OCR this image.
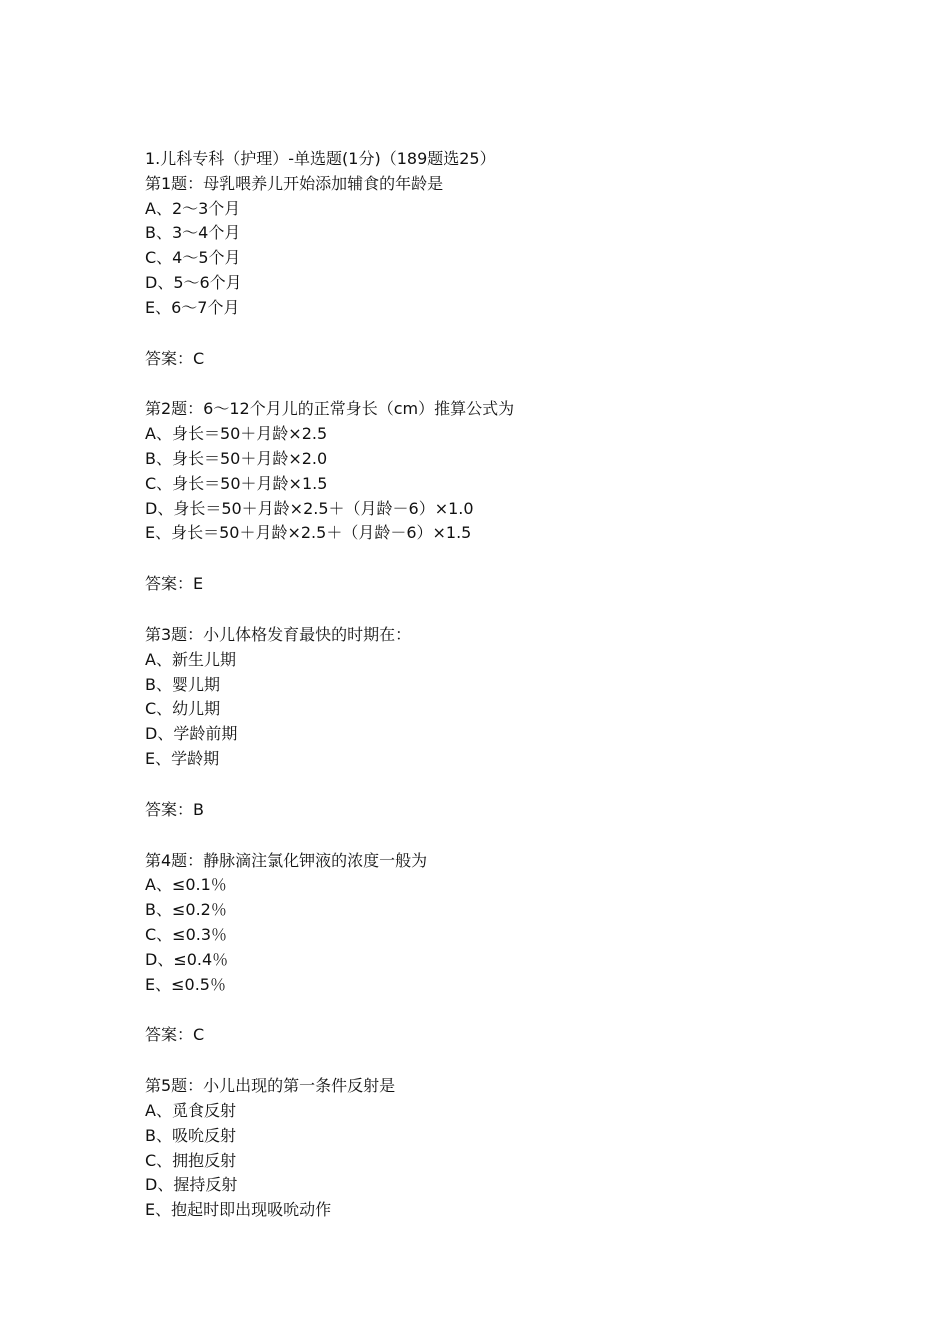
1.儿科专科（护理）-单选题(1分)（189题选25）
第1题：母乳喂养儿开始添加辅食的年龄是
A、2～3个月
B、3～4个月
C、4～5个月
D、5～6个月
E、6～7个月
答案：C
第2题：6～12个月儿的正常身长（cm）推算公式为
A、身长＝50＋月龄×2.5
B、身长＝50＋月龄×2.0
C、身长＝50＋月龄×1.5
D、身长＝50＋月龄×2.5＋（月龄－6）×1.0
E、身长＝50＋月龄×2.5＋（月龄－6）×1.5
答案：E
第3题：小儿体格发育最快的时期在：
A、新生儿期
B、婴儿期
C、幼儿期
D、学龄前期
E、学龄期
答案：B
第4题：静脉滴注氯化钾液的浓度一般为
A、≤0.1％
B、≤0.2％
C、≤0.3％
D、≤0.4％
E、≤0.5％
答案：C
第5题：小儿出现的第一条件反射是
A、觅食反射
B、吸吮反射
C、拥抱反射
D、握持反射
E、抱起时即出现吸吮动作
